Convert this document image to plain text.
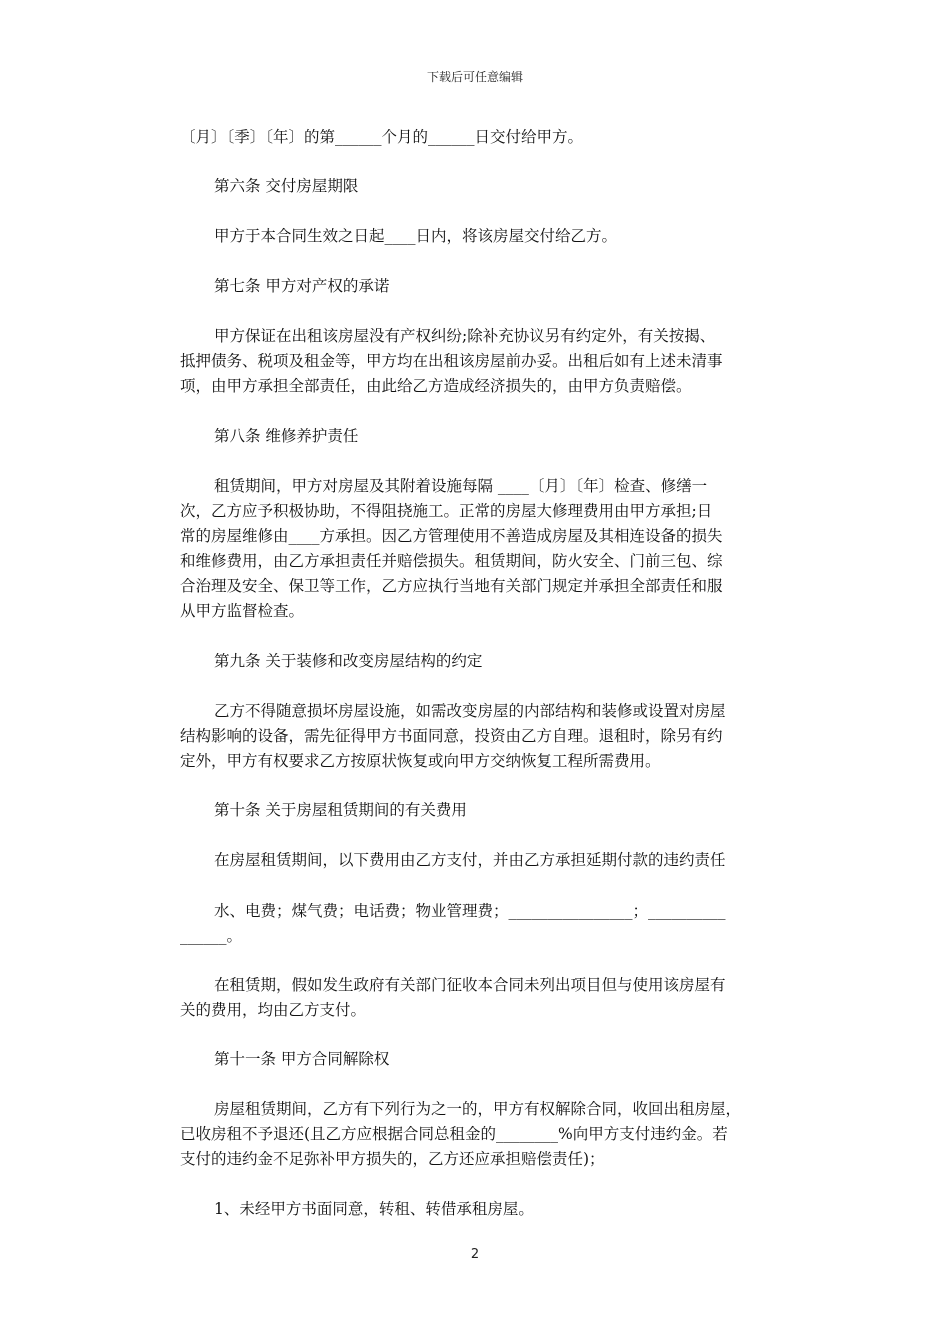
下载后可任意编辑
〔月〕〔季〕〔年〕的第______个月的______日交付给甲方。
第六条 交付房屋期限
甲方于本合同生效之日起____日内，将该房屋交付给乙方。
第七条 甲方对产权的承诺
甲方保证在出租该房屋没有产权纠纷;除补充协议另有约定外，有关按揭、
抵押债务、税项及租金等，甲方均在出租该房屋前办妥。出租后如有上述未清事
项，由甲方承担全部责任，由此给乙方造成经济损失的，由甲方负责赔偿。
第八条 维修养护责任
租赁期间，甲方对房屋及其附着设施每隔 ____〔月〕〔年〕检查、修缮一
次，乙方应予积极协助，不得阻挠施工。正常的房屋大修理费用由甲方承担;日
常的房屋维修由____方承担。因乙方管理使用不善造成房屋及其相连设备的损失
和维修费用，由乙方承担责任并赔偿损失。租赁期间，防火安全、门前三包、综
合治理及安全、保卫等工作，乙方应执行当地有关部门规定并承担全部责任和服
从甲方监督检查。
第九条 关于装修和改变房屋结构的约定
乙方不得随意损坏房屋设施，如需改变房屋的内部结构和装修或设置对房屋
结构影响的设备，需先征得甲方书面同意，投资由乙方自理。退租时，除另有约
定外，甲方有权要求乙方按原状恢复或向甲方交纳恢复工程所需费用。
第十条 关于房屋租赁期间的有关费用
在房屋租赁期间，以下费用由乙方支付，并由乙方承担延期付款的违约责任
水、电费；煤气费；电话费；物业管理费；________________；__________
______。
在租赁期，假如发生政府有关部门征收本合同未列出项目但与使用该房屋有
关的费用，均由乙方支付。
第十一条 甲方合同解除权
房屋租赁期间，乙方有下列行为之一的，甲方有权解除合同，收回出租房屋，
已收房租不予退还(且乙方应根据合同总租金的________%向甲方支付违约金。若
支付的违约金不足弥补甲方损失的，乙方还应承担赔偿责任)；
1、未经甲方书面同意，转租、转借承租房屋。
2
